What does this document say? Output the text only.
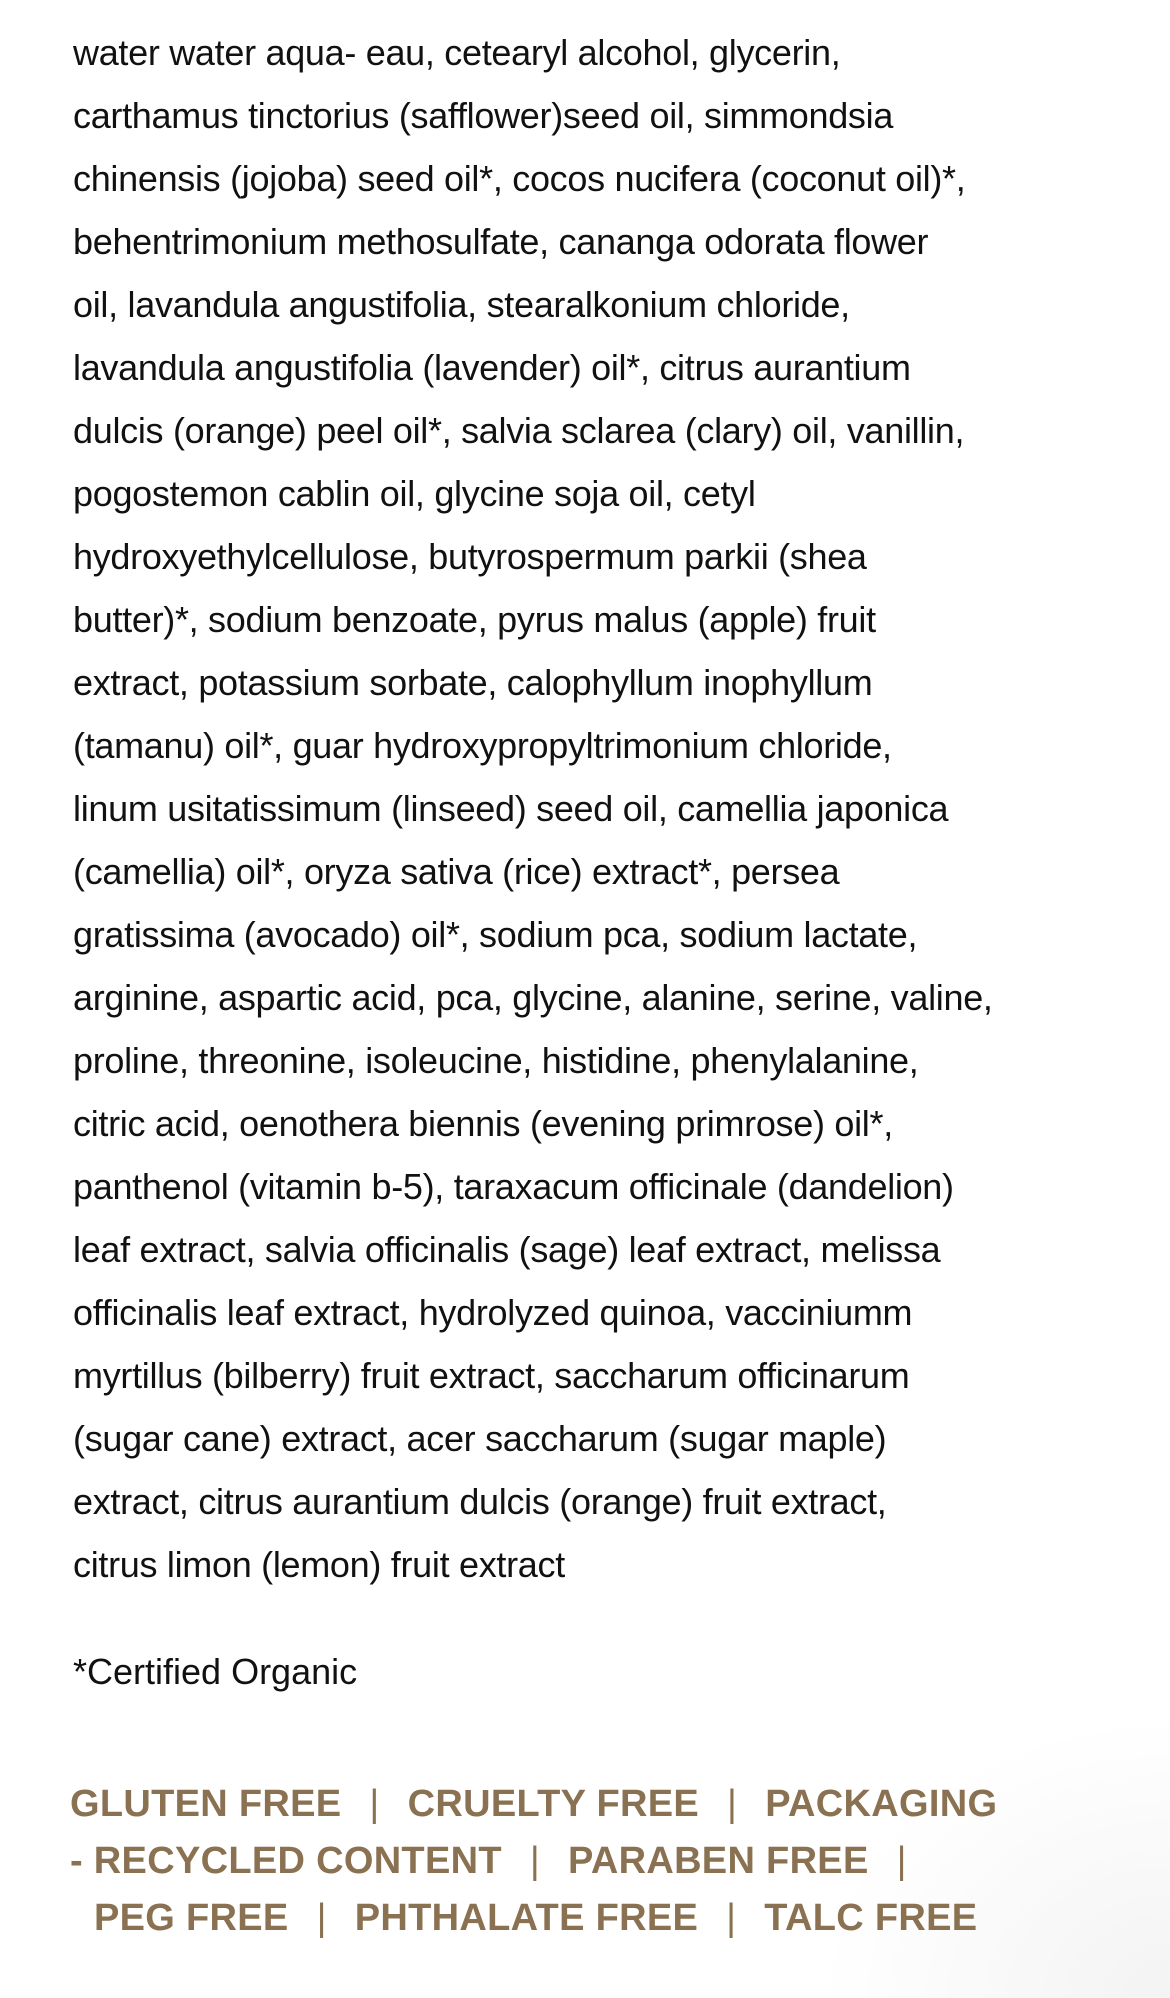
water water aqua- eau, cetearyl alcohol, glycerin,
carthamus tinctorius (safflower)seed oil, simmondsia
chinensis (jojoba) seed oil*, cocos nucifera (coconut oil)*,
behentrimonium methosulfate, cananga odorata flower
oil, lavandula angustifolia, stearalkonium chloride,
lavandula angustifolia (lavender) oil*, citrus aurantium
dulcis (orange) peel oil*, salvia sclarea (clary) oil, vanillin,
pogostemon cablin oil, glycine soja oil, cetyl
hydroxyethylcellulose, butyrospermum parkii (shea
butter)*, sodium benzoate, pyrus malus (apple) fruit
extract, potassium sorbate, calophyllum inophyllum
(tamanu) oil*, guar hydroxypropyltrimonium chloride,
linum usitatissimum (linseed) seed oil, camellia japonica
(camellia) oil*, oryza sativa (rice) extract*, persea
gratissima (avocado) oil*, sodium pca, sodium lactate,
arginine, aspartic acid, pca, glycine, alanine, serine, valine,
proline, threonine, isoleucine, histidine, phenylalanine,
citric acid, oenothera biennis (evening primrose) oil*,
panthenol (vitamin b-5), taraxacum officinale (dandelion)
leaf extract, salvia officinalis (sage) leaf extract, melissa
officinalis leaf extract, hydrolyzed quinoa, vacciniumm
myrtillus (bilberry) fruit extract, saccharum officinarum
(sugar cane) extract, acer saccharum (sugar maple)
extract, citrus aurantium dulcis (orange) fruit extract,
citrus limon (lemon) fruit extract
*Certified Organic
GLUTEN FREE | CRUELTY FREE | PACKAGING
- RECYCLED CONTENT | PARABEN FREE |
PEG FREE | PHTHALATE FREE | TALC FREE
